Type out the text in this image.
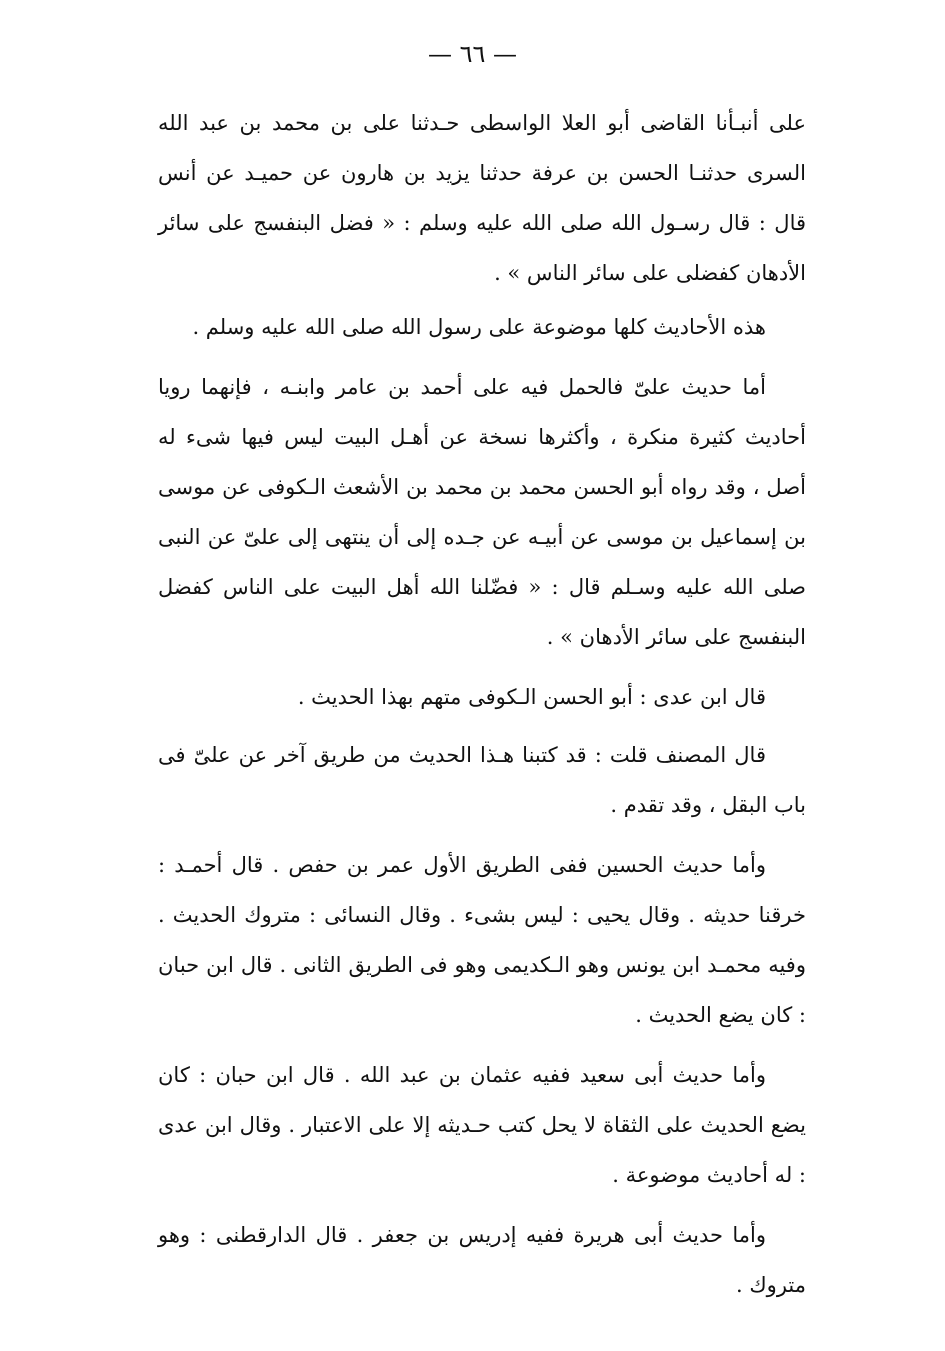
— ٦٦ —

على أنبـأنا القاضى أبو العلا الواسطى حـدثنا على بن محمد بن عبد الله السرى حدثنـا الحسن بن عرفة حدثنا يزيد بن هارون عن حميـد عن أنس قال : قال رسـول الله صلى الله عليه وسلم : « فضل البنفسج على سائر الأدهان كفضلى على سائر الناس » .

هذه الأحاديث كلها موضوعة على رسول الله صلى الله عليه وسلم .

أما حديث علىّ فالحمل فيه على أحمد بن عامر وابنـه ، فإنهما رويا أحاديث كثيرة منكرة ، وأكثرها نسخة عن أهـل البيت ليس فيها شىء له أصل ، وقد رواه أبو الحسن محمد بن محمد بن الأشعث الـكوفى عن موسى بن إسماعيل بن موسى عن أبيـه عن جـده إلى أن ينتهى إلى علىّ عن النبى صلى الله عليه وسـلم قال : « فضّلنا الله أهل البيت على الناس كفضل البنفسج على سائر الأدهان » .

قال ابن عدى : أبو الحسن الـكوفى متهم بهذا الحديث .

قال المصنف قلت : قد كتبنا هـذا الحديث من طريق آخر عن علىّ فى باب البقل ، وقد تقدم .

وأما حديث الحسين ففى الطريق الأول عمر بن حفص . قال أحمـد : خرقنا حديثه . وقال يحيى : ليس بشىء . وقال النسائى : متروك الحديث . وفيه محمـد ابن يونس وهو الـكديمى وهو فى الطريق الثانى . قال ابن حبان : كان يضع الحديث .

وأما حديث أبى سعيد ففيه عثمان بن عبد الله . قال ابن حبان : كان يضع الحديث على الثقاة لا يحل كتب حـديثه إلا على الاعتبار . وقال ابن عدى : له أحاديث موضوعة .

وأما حديث أبى هريرة ففيه إدريس بن جعفر . قال الدارقطنى : وهو متروك .
